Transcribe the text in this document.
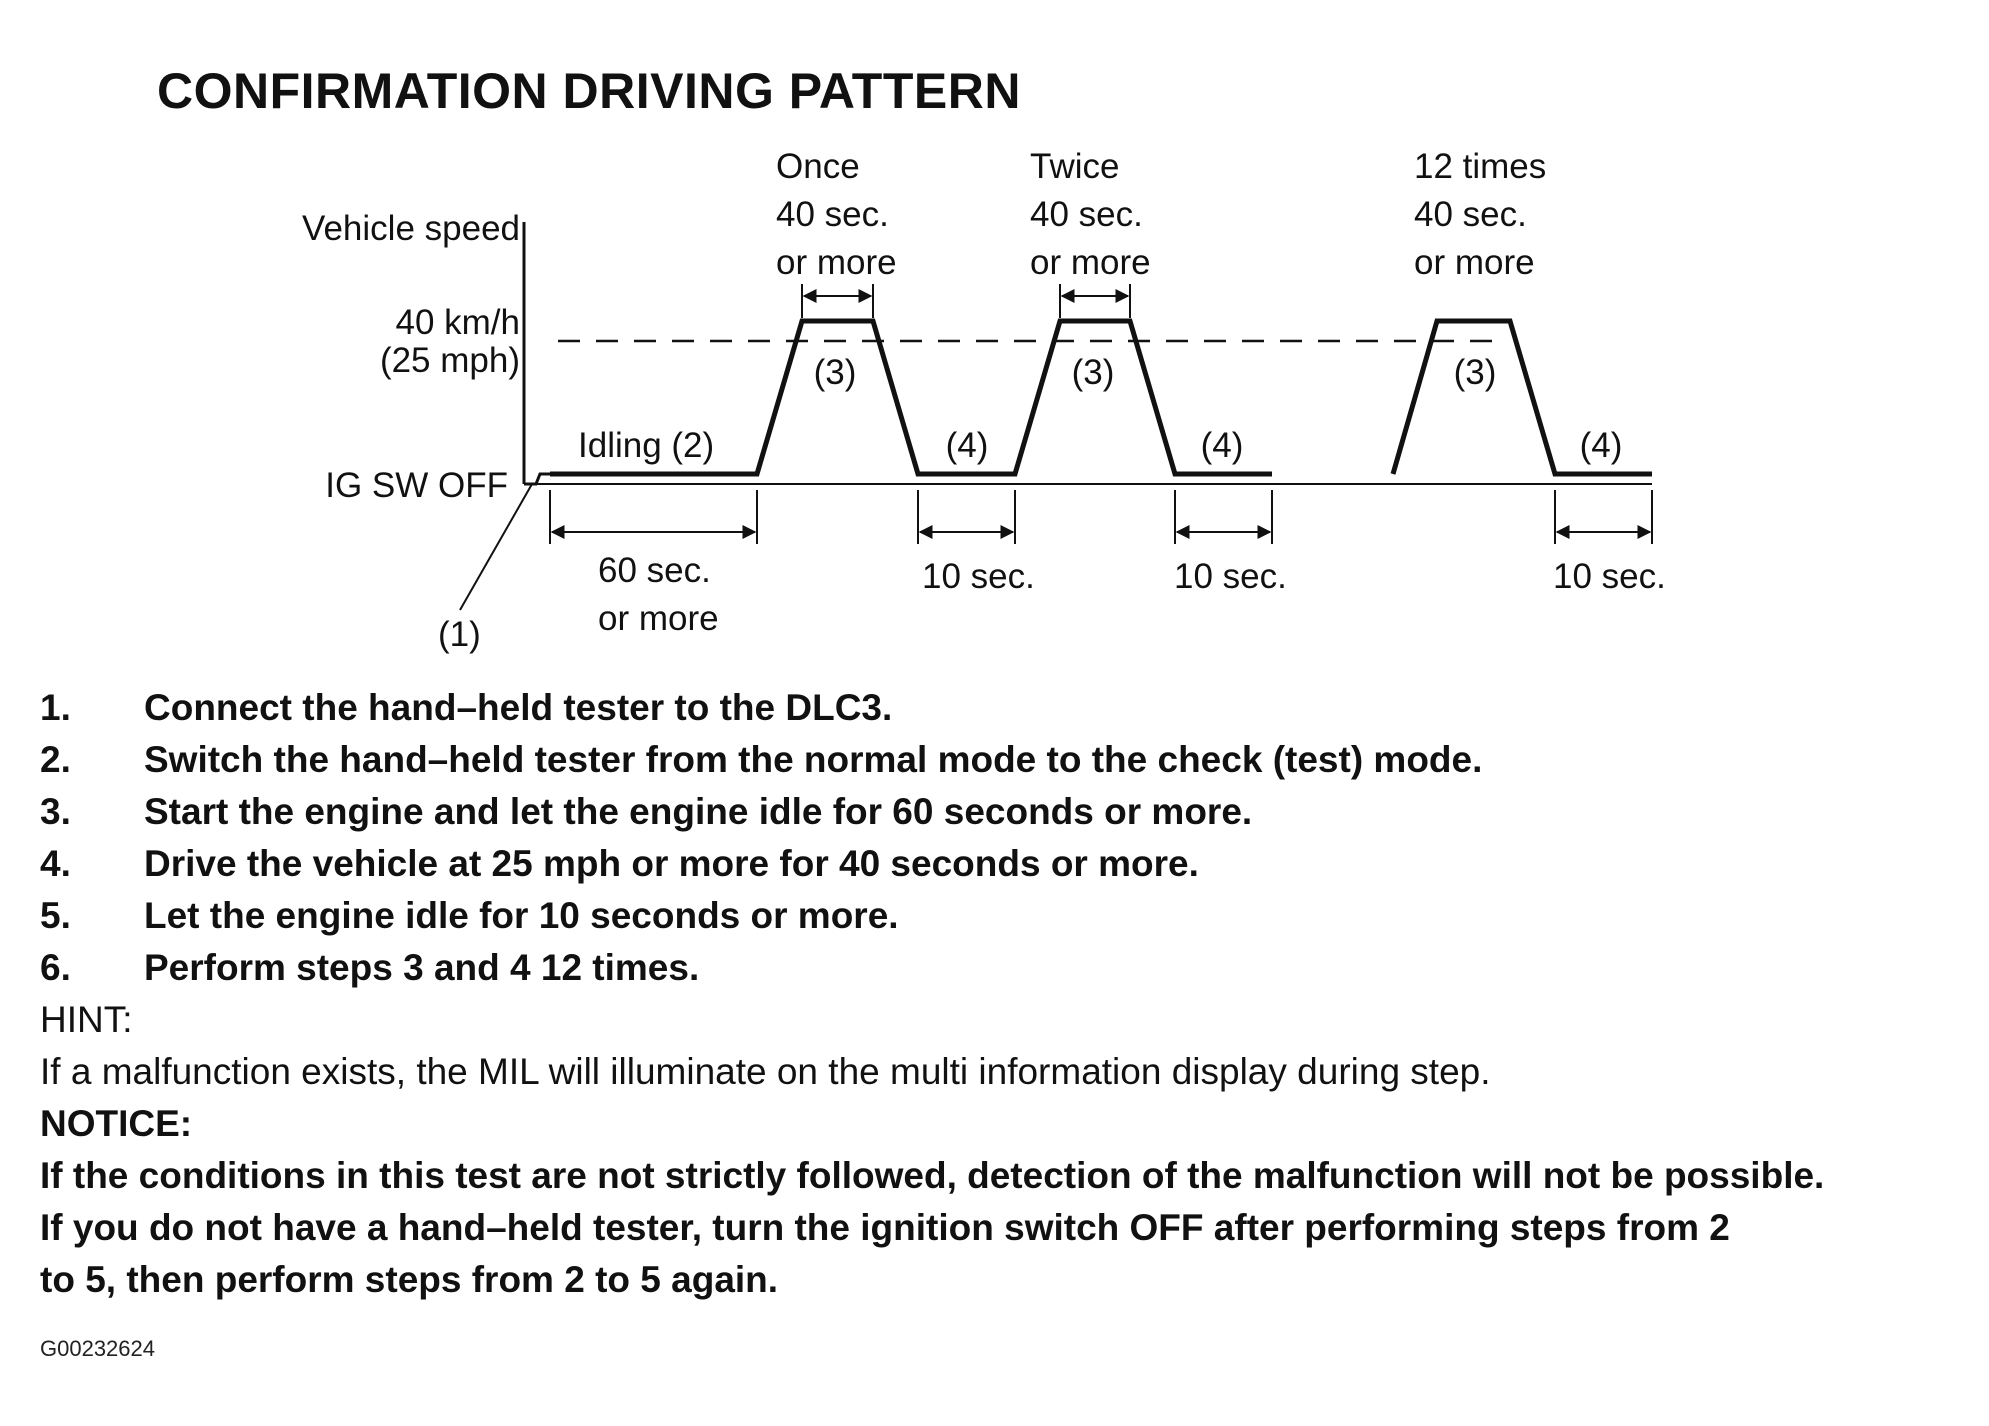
CONFIRMATION DRIVING PATTERN
Vehicle speed
40 km/h
(25 mph)
IG SW OFF
(1)
Idling (2)
60 sec.
or more
Once
40 sec.
or more
(3)
(4)
10 sec.
Twice
40 sec.
or more
(3)
(4)
10 sec.
12 times
40 sec.
or more
(3)
(4)
10 sec.
1. Connect the hand–held tester to the DLC3.
2. Switch the hand–held tester from the normal mode to the check (test) mode.
3. Start the engine and let the engine idle for 60 seconds or more.
4. Drive the vehicle at 25 mph or more for 40 seconds or more.
5. Let the engine idle for 10 seconds or more.
6. Perform steps 3 and 4 12 times.
HINT:
If a malfunction exists, the MIL will illuminate on the multi information display during step.
NOTICE:
If the conditions in this test are not strictly followed, detection of the malfunction will not be possible.
If you do not have a hand–held tester, turn the ignition switch OFF after performing steps from 2
to 5, then perform steps from 2 to 5 again.
G00232624
